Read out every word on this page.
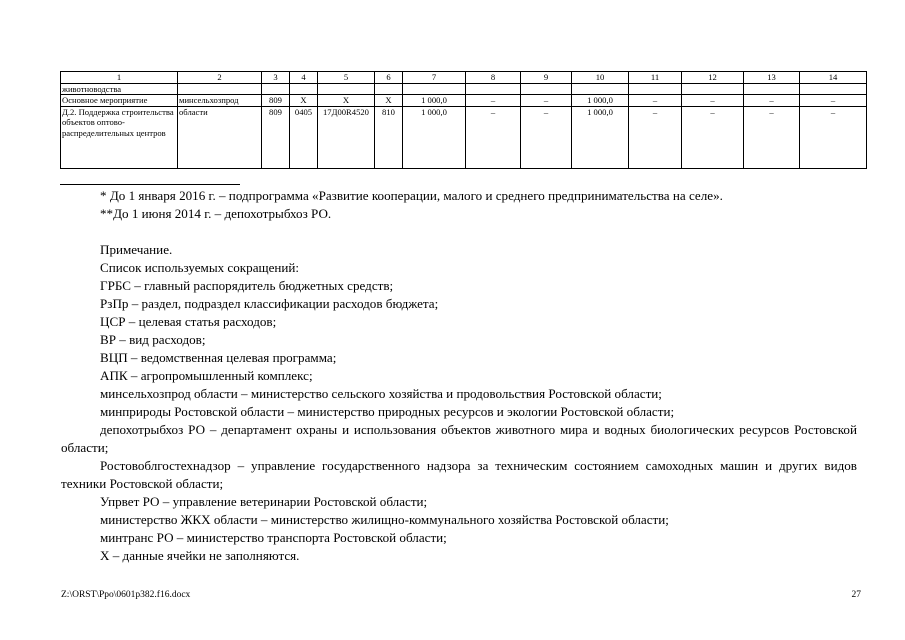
1	2	3	4	5	6	7	8	9	10	11	12	13	14
животноводства													
Основное мероприятие	минсельхозпрод	809	Х	Х	Х	1 000,0	–	–	1 000,0	–	–	–	–
Д.2. Поддержка строительства объектов оптово-распределительных центров	области	809	0405	17Д00R4520	810	1 000,0	–	–	1 000,0	–	–	–	–

* До 1 января 2016 г. – подпрограмма «Развитие кооперации, малого и среднего предпринимательства на селе».

**До 1 июня 2014 г. – депохотрыбхоз РО.

Примечание.

Список используемых сокращений:

ГРБС – главный распорядитель бюджетных средств;

РзПр – раздел, подраздел классификации расходов бюджета;

ЦСР – целевая статья расходов;

ВР – вид расходов;

ВЦП – ведомственная целевая программа;

АПК – агропромышленный комплекс;

минсельхозпрод области – министерство сельского хозяйства и продовольствия Ростовской области;

минприроды Ростовской области – министерство природных ресурсов и экологии Ростовской области;

депохотрыбхоз РО – департамент охраны и использования объектов животного мира и водных биологических ресурсов Ростовской области;

Ростовоблгостехнадзор – управление государственного надзора за техническим состоянием самоходных машин и других видов техники Ростовской области;

Упрвет РО – управление ветеринарии Ростовской области;

министерство ЖКХ области – министерство жилищно-коммунального хозяйства Ростовской области;

минтранс РО – министерство транспорта Ростовской области;

Х – данные ячейки не заполняются.

Z:\ORST\Ppo\0601p382.f16.docx	27
